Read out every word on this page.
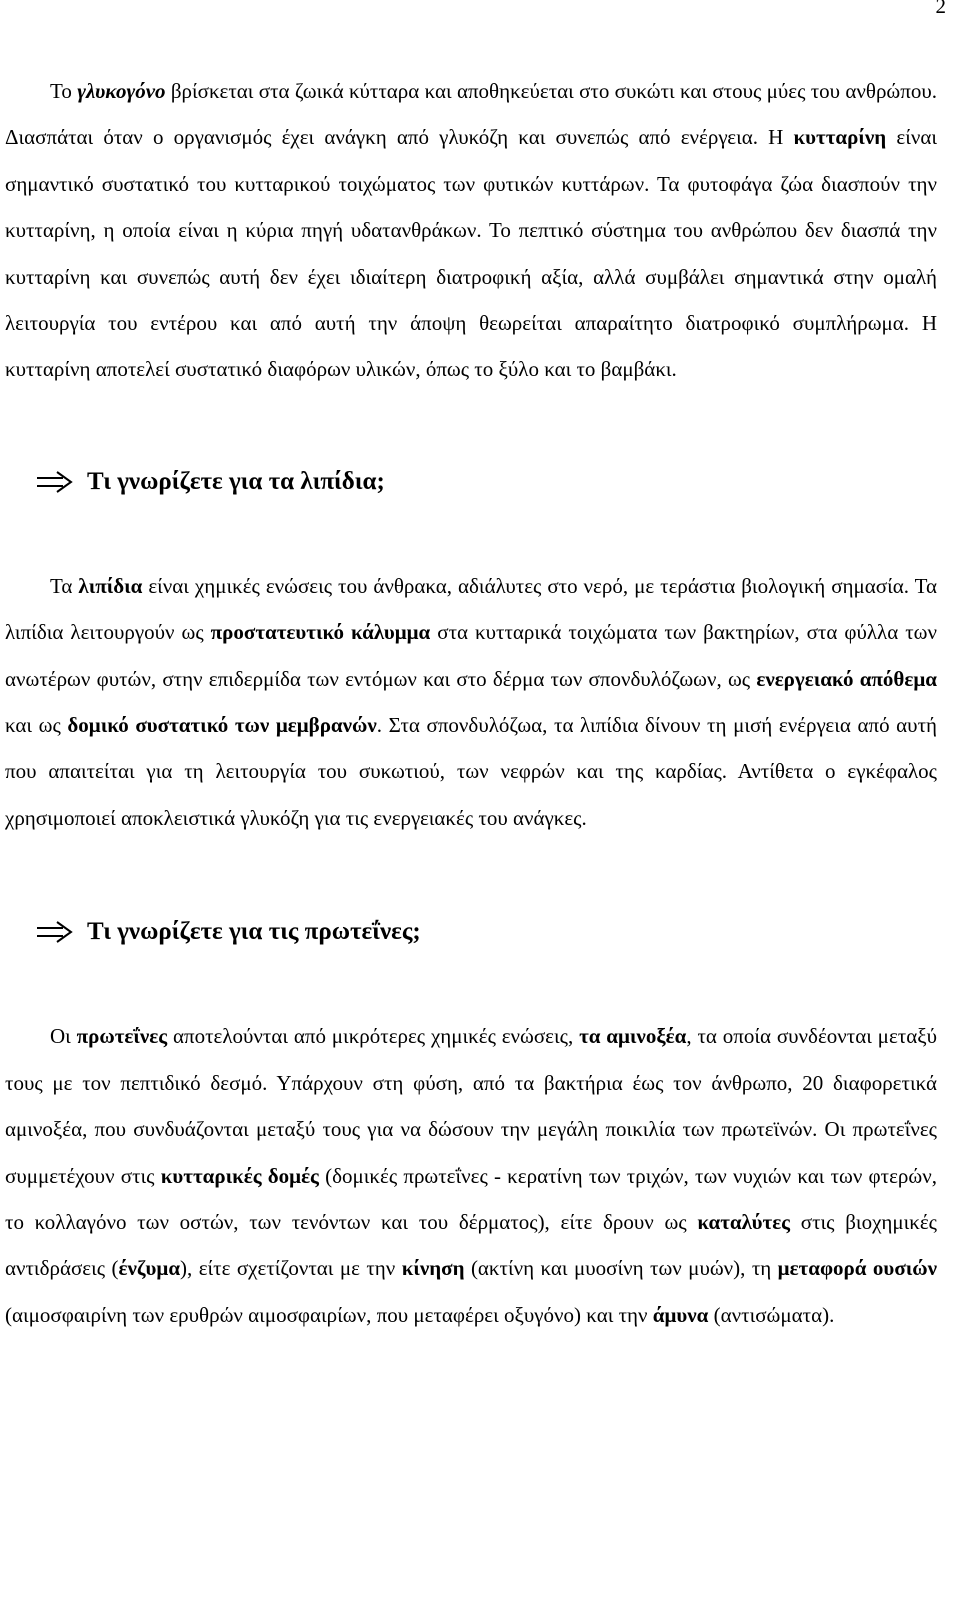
2

Το γλυκογόνο βρίσκεται στα ζωικά κύτταρα και αποθηκεύεται στο συκώτι και στους μύες του ανθρώπου. Διασπάται όταν ο οργανισμός έχει ανάγκη από γλυκόζη και συνεπώς από ενέργεια. Η κυτταρίνη είναι σημαντικό συστατικό του κυτταρικού τοιχώματος των φυτικών κυττάρων. Τα φυτοφάγα ζώα διασπούν την κυτταρίνη, η οποία είναι η κύρια πηγή υδατανθράκων. Το πεπτικό σύστημα του ανθρώπου δεν διασπά την κυτταρίνη και συνεπώς αυτή δεν έχει ιδιαίτερη διατροφική αξία, αλλά συμβάλει σημαντικά στην ομαλή λειτουργία του εντέρου και από αυτή την άποψη θεωρείται απαραίτητο διατροφικό συμπλήρωμα. Η κυτταρίνη αποτελεί συστατικό διαφόρων υλικών, όπως το ξύλο και το βαμβάκι.

Τι γνωρίζετε για τα λιπίδια;

Τα λιπίδια είναι χημικές ενώσεις του άνθρακα, αδιάλυτες στο νερό, με τεράστια βιολογική σημασία. Τα λιπίδια λειτουργούν ως προστατευτικό κάλυμμα στα κυτταρικά τοιχώματα των βακτηρίων, στα φύλλα των ανωτέρων φυτών, στην επιδερμίδα των εντόμων και στο δέρμα των σπονδυλόζωων, ως ενεργειακό απόθεμα και ως δομικό συστατικό των μεμβρανών. Στα σπονδυλόζωα, τα λιπίδια δίνουν τη μισή ενέργεια από αυτή που απαιτείται για τη λειτουργία του συκωτιού, των νεφρών και της καρδίας. Αντίθετα ο εγκέφαλος χρησιμοποιεί αποκλειστικά γλυκόζη για τις ενεργειακές του ανάγκες.

Τι γνωρίζετε για τις πρωτεΐνες;

Οι πρωτεΐνες αποτελούνται από μικρότερες χημικές ενώσεις, τα αμινοξέα, τα οποία συνδέονται μεταξύ τους με τον πεπτιδικό δεσμό. Υπάρχουν στη φύση, από τα βακτήρια έως τον άνθρωπο, 20 διαφορετικά αμινοξέα, που συνδυάζονται μεταξύ τους για να δώσουν την μεγάλη ποικιλία των πρωτεϊνών. Οι πρωτεΐνες συμμετέχουν στις κυτταρικές δομές (δομικές πρωτεΐνες - κερατίνη των τριχών, των νυχιών και των φτερών, το κολλαγόνο των οστών, των τενόντων και του δέρματος), είτε δρουν ως καταλύτες στις βιοχημικές αντιδράσεις (ένζυμα), είτε σχετίζονται με την κίνηση (ακτίνη και μυοσίνη των μυών), τη μεταφορά ουσιών (αιμοσφαιρίνη των ερυθρών αιμοσφαιρίων, που μεταφέρει οξυγόνο) και την άμυνα (αντισώματα).
